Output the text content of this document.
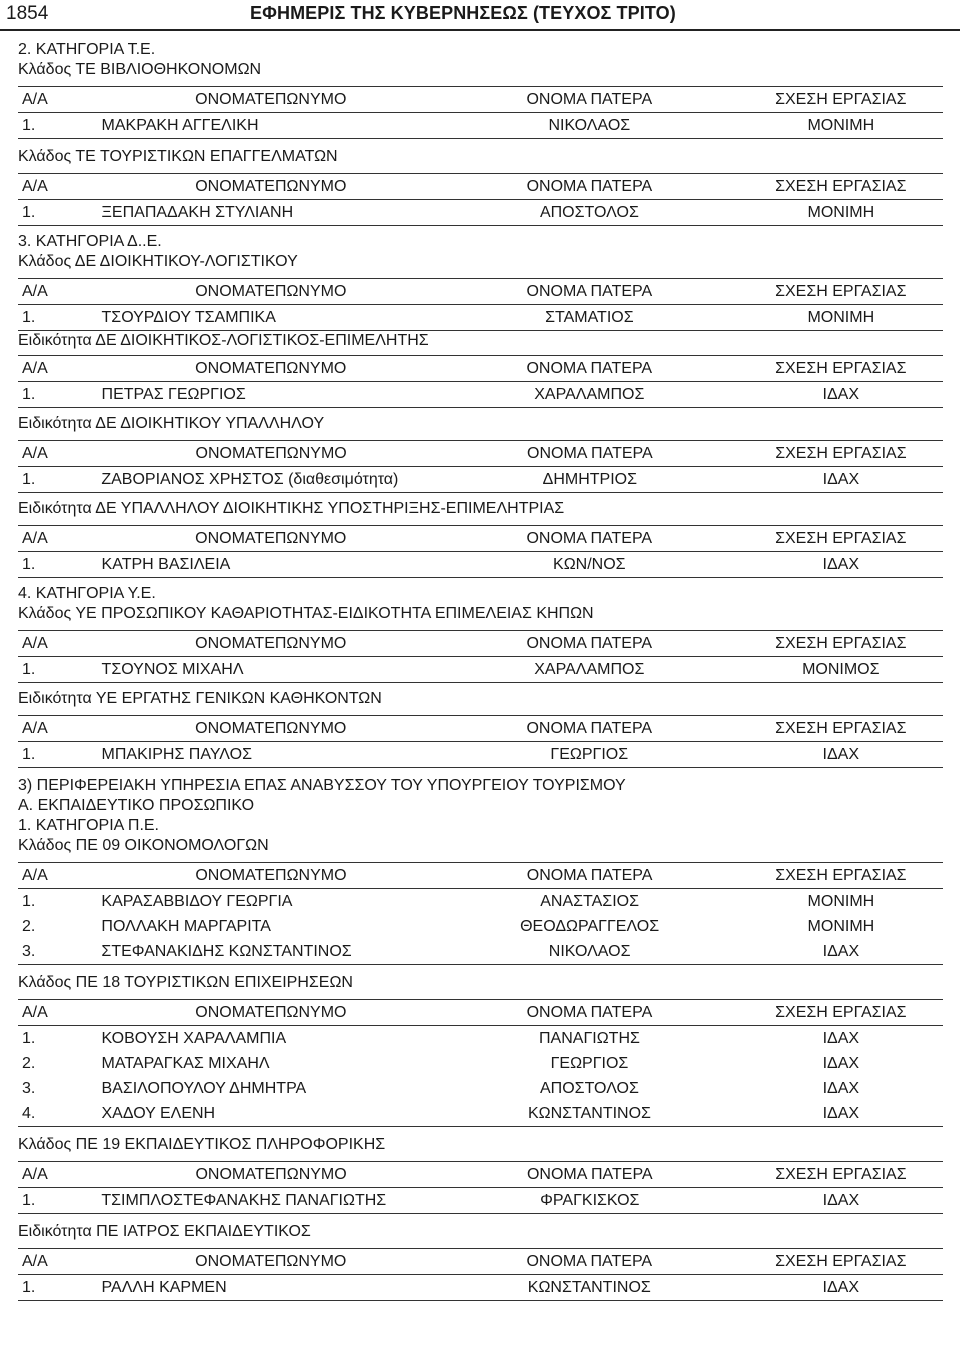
1854	ΕΦΗΜΕΡΙΣ ΤΗΣ ΚΥΒΕΡΝΗΣΕΩΣ (ΤΕΥΧΟΣ ΤΡΙΤΟ)

2. ΚΑΤΗΓΟΡΙΑ Τ.Ε.

Κλάδος ΤΕ ΒΙΒΛΙΟΘΗΚΟΝΟΜΩΝ

Α/Α	ΟΝΟΜΑΤΕΠΩΝΥΜΟ	ΟΝΟΜΑ ΠΑΤΕΡΑ	ΣΧΕΣΗ ΕΡΓΑΣΙΑΣ
1.	ΜΑΚΡΑΚΗ ΑΓΓΕΛΙΚΗ	ΝΙΚΟΛΑΟΣ	ΜΟΝΙΜΗ

Κλάδος ΤΕ ΤΟΥΡΙΣΤΙΚΩΝ ΕΠΑΓΓΕΛΜΑΤΩΝ

Α/Α	ΟΝΟΜΑΤΕΠΩΝΥΜΟ	ΟΝΟΜΑ ΠΑΤΕΡΑ	ΣΧΕΣΗ ΕΡΓΑΣΙΑΣ
1.	ΞΕΠΑΠΑΔΑΚΗ ΣΤΥΛΙΑΝΗ	ΑΠΟΣΤΟΛΟΣ	ΜΟΝΙΜΗ

3. ΚΑΤΗΓΟΡΙΑ Δ..Ε.

Κλάδος ΔΕ ΔΙΟΙΚΗΤΙΚΟΥ-ΛΟΓΙΣΤΙΚΟΥ

Α/Α	ΟΝΟΜΑΤΕΠΩΝΥΜΟ	ΟΝΟΜΑ ΠΑΤΕΡΑ	ΣΧΕΣΗ ΕΡΓΑΣΙΑΣ
1.	ΤΣΟΥΡΔΙΟΥ ΤΣΑΜΠΙΚΑ	ΣΤΑΜΑΤΙΟΣ	ΜΟΝΙΜΗ

Ειδικότητα ΔΕ ΔΙΟΙΚΗΤΙΚΟΣ-ΛΟΓΙΣΤΙΚΟΣ-ΕΠΙΜΕΛΗΤΗΣ

Α/Α	ΟΝΟΜΑΤΕΠΩΝΥΜΟ	ΟΝΟΜΑ ΠΑΤΕΡΑ	ΣΧΕΣΗ ΕΡΓΑΣΙΑΣ
1.	ΠΕΤΡΑΣ ΓΕΩΡΓΙΟΣ	ΧΑΡΑΛΑΜΠΟΣ	ΙΔΑΧ

Ειδικότητα ΔΕ ΔΙΟΙΚΗΤΙΚΟΥ ΥΠΑΛΛΗΛΟΥ

Α/Α	ΟΝΟΜΑΤΕΠΩΝΥΜΟ	ΟΝΟΜΑ ΠΑΤΕΡΑ	ΣΧΕΣΗ ΕΡΓΑΣΙΑΣ
1.	ΖΑΒΟΡΙΑΝΟΣ ΧΡΗΣΤΟΣ (διαθεσιμότητα)	ΔΗΜΗΤΡΙΟΣ	ΙΔΑΧ

Ειδικότητα ΔΕ ΥΠΑΛΛΗΛΟΥ ΔΙΟΙΚΗΤΙΚΗΣ ΥΠΟΣΤΗΡΙΞΗΣ-ΕΠΙΜΕΛΗΤΡΙΑΣ

Α/Α	ΟΝΟΜΑΤΕΠΩΝΥΜΟ	ΟΝΟΜΑ ΠΑΤΕΡΑ	ΣΧΕΣΗ ΕΡΓΑΣΙΑΣ
1.	ΚΑΤΡΗ ΒΑΣΙΛΕΙΑ	ΚΩΝ/ΝΟΣ	ΙΔΑΧ

4. ΚΑΤΗΓΟΡΙΑ Υ.Ε.

Κλάδος ΥΕ ΠΡΟΣΩΠΙΚΟΥ ΚΑΘΑΡΙΟΤΗΤΑΣ-ΕΙΔΙΚΟΤΗΤΑ ΕΠΙΜΕΛΕΙΑΣ ΚΗΠΩΝ

Α/Α	ΟΝΟΜΑΤΕΠΩΝΥΜΟ	ΟΝΟΜΑ ΠΑΤΕΡΑ	ΣΧΕΣΗ ΕΡΓΑΣΙΑΣ
1.	ΤΣΟΥΝΟΣ ΜΙΧΑΗΛ	ΧΑΡΑΛΑΜΠΟΣ	ΜΟΝΙΜΟΣ

Ειδικότητα ΥΕ ΕΡΓΑΤΗΣ ΓΕΝΙΚΩΝ ΚΑΘΗΚΟΝΤΩΝ

Α/Α	ΟΝΟΜΑΤΕΠΩΝΥΜΟ	ΟΝΟΜΑ ΠΑΤΕΡΑ	ΣΧΕΣΗ ΕΡΓΑΣΙΑΣ
1.	ΜΠΑΚΙΡΗΣ ΠΑΥΛΟΣ	ΓΕΩΡΓΙΟΣ	ΙΔΑΧ

3) ΠΕΡΙΦΕΡΕΙΑΚΗ ΥΠΗΡΕΣΙΑ ΕΠΑΣ ΑΝΑΒΥΣΣΟΥ ΤΟΥ ΥΠΟΥΡΓΕΙΟΥ ΤΟΥΡΙΣΜΟΥ

Α. ΕΚΠΑΙΔΕΥΤΙΚΟ ΠΡΟΣΩΠΙΚΟ

1. ΚΑΤΗΓΟΡΙΑ Π.Ε.

Κλάδος ΠΕ 09 ΟΙΚΟΝΟΜΟΛΟΓΩΝ

Α/Α	ΟΝΟΜΑΤΕΠΩΝΥΜΟ	ΟΝΟΜΑ ΠΑΤΕΡΑ	ΣΧΕΣΗ ΕΡΓΑΣΙΑΣ
1.	ΚΑΡΑΣΑΒΒΙΔΟΥ ΓΕΩΡΓΙΑ	ΑΝΑΣΤΑΣΙΟΣ	ΜΟΝΙΜΗ
2.	ΠΟΛΛΑΚΗ ΜΑΡΓΑΡΙΤΑ	ΘΕΟΔΩΡΑΓΓΕΛΟΣ	ΜΟΝΙΜΗ
3.	ΣΤΕΦΑΝΑΚΙΔΗΣ ΚΩΝΣΤΑΝΤΙΝΟΣ	ΝΙΚΟΛΑΟΣ	ΙΔΑΧ

Κλάδος ΠΕ 18 ΤΟΥΡΙΣΤΙΚΩΝ ΕΠΙΧΕΙΡΗΣΕΩΝ

Α/Α	ΟΝΟΜΑΤΕΠΩΝΥΜΟ	ΟΝΟΜΑ ΠΑΤΕΡΑ	ΣΧΕΣΗ ΕΡΓΑΣΙΑΣ
1.	ΚΟΒΟΥΣΗ ΧΑΡΑΛΑΜΠΙΑ	ΠΑΝΑΓΙΩΤΗΣ	ΙΔΑΧ
2.	ΜΑΤΑΡΑΓΚΑΣ ΜΙΧΑΗΛ	ΓΕΩΡΓΙΟΣ	ΙΔΑΧ
3.	ΒΑΣΙΛΟΠΟΥΛΟΥ ΔΗΜΗΤΡΑ	ΑΠΟΣΤΟΛΟΣ	ΙΔΑΧ
4.	ΧΑΔΟΥ ΕΛΕΝΗ	ΚΩΝΣΤΑΝΤΙΝΟΣ	ΙΔΑΧ

Κλάδος ΠΕ 19 ΕΚΠΑΙΔΕΥΤΙΚΟΣ ΠΛΗΡΟΦΟΡΙΚΗΣ

Α/Α	ΟΝΟΜΑΤΕΠΩΝΥΜΟ	ΟΝΟΜΑ ΠΑΤΕΡΑ	ΣΧΕΣΗ ΕΡΓΑΣΙΑΣ
1.	ΤΣΙΜΠΛΟΣΤΕΦΑΝΑΚΗΣ ΠΑΝΑΓΙΩΤΗΣ	ΦΡΑΓΚΙΣΚΟΣ	ΙΔΑΧ

Ειδικότητα ΠΕ ΙΑΤΡΟΣ ΕΚΠΑΙΔΕΥΤΙΚΟΣ

Α/Α	ΟΝΟΜΑΤΕΠΩΝΥΜΟ	ΟΝΟΜΑ ΠΑΤΕΡΑ	ΣΧΕΣΗ ΕΡΓΑΣΙΑΣ
1.	ΡΑΛΛΗ ΚΑΡΜΕΝ	ΚΩΝΣΤΑΝΤΙΝΟΣ	ΙΔΑΧ
